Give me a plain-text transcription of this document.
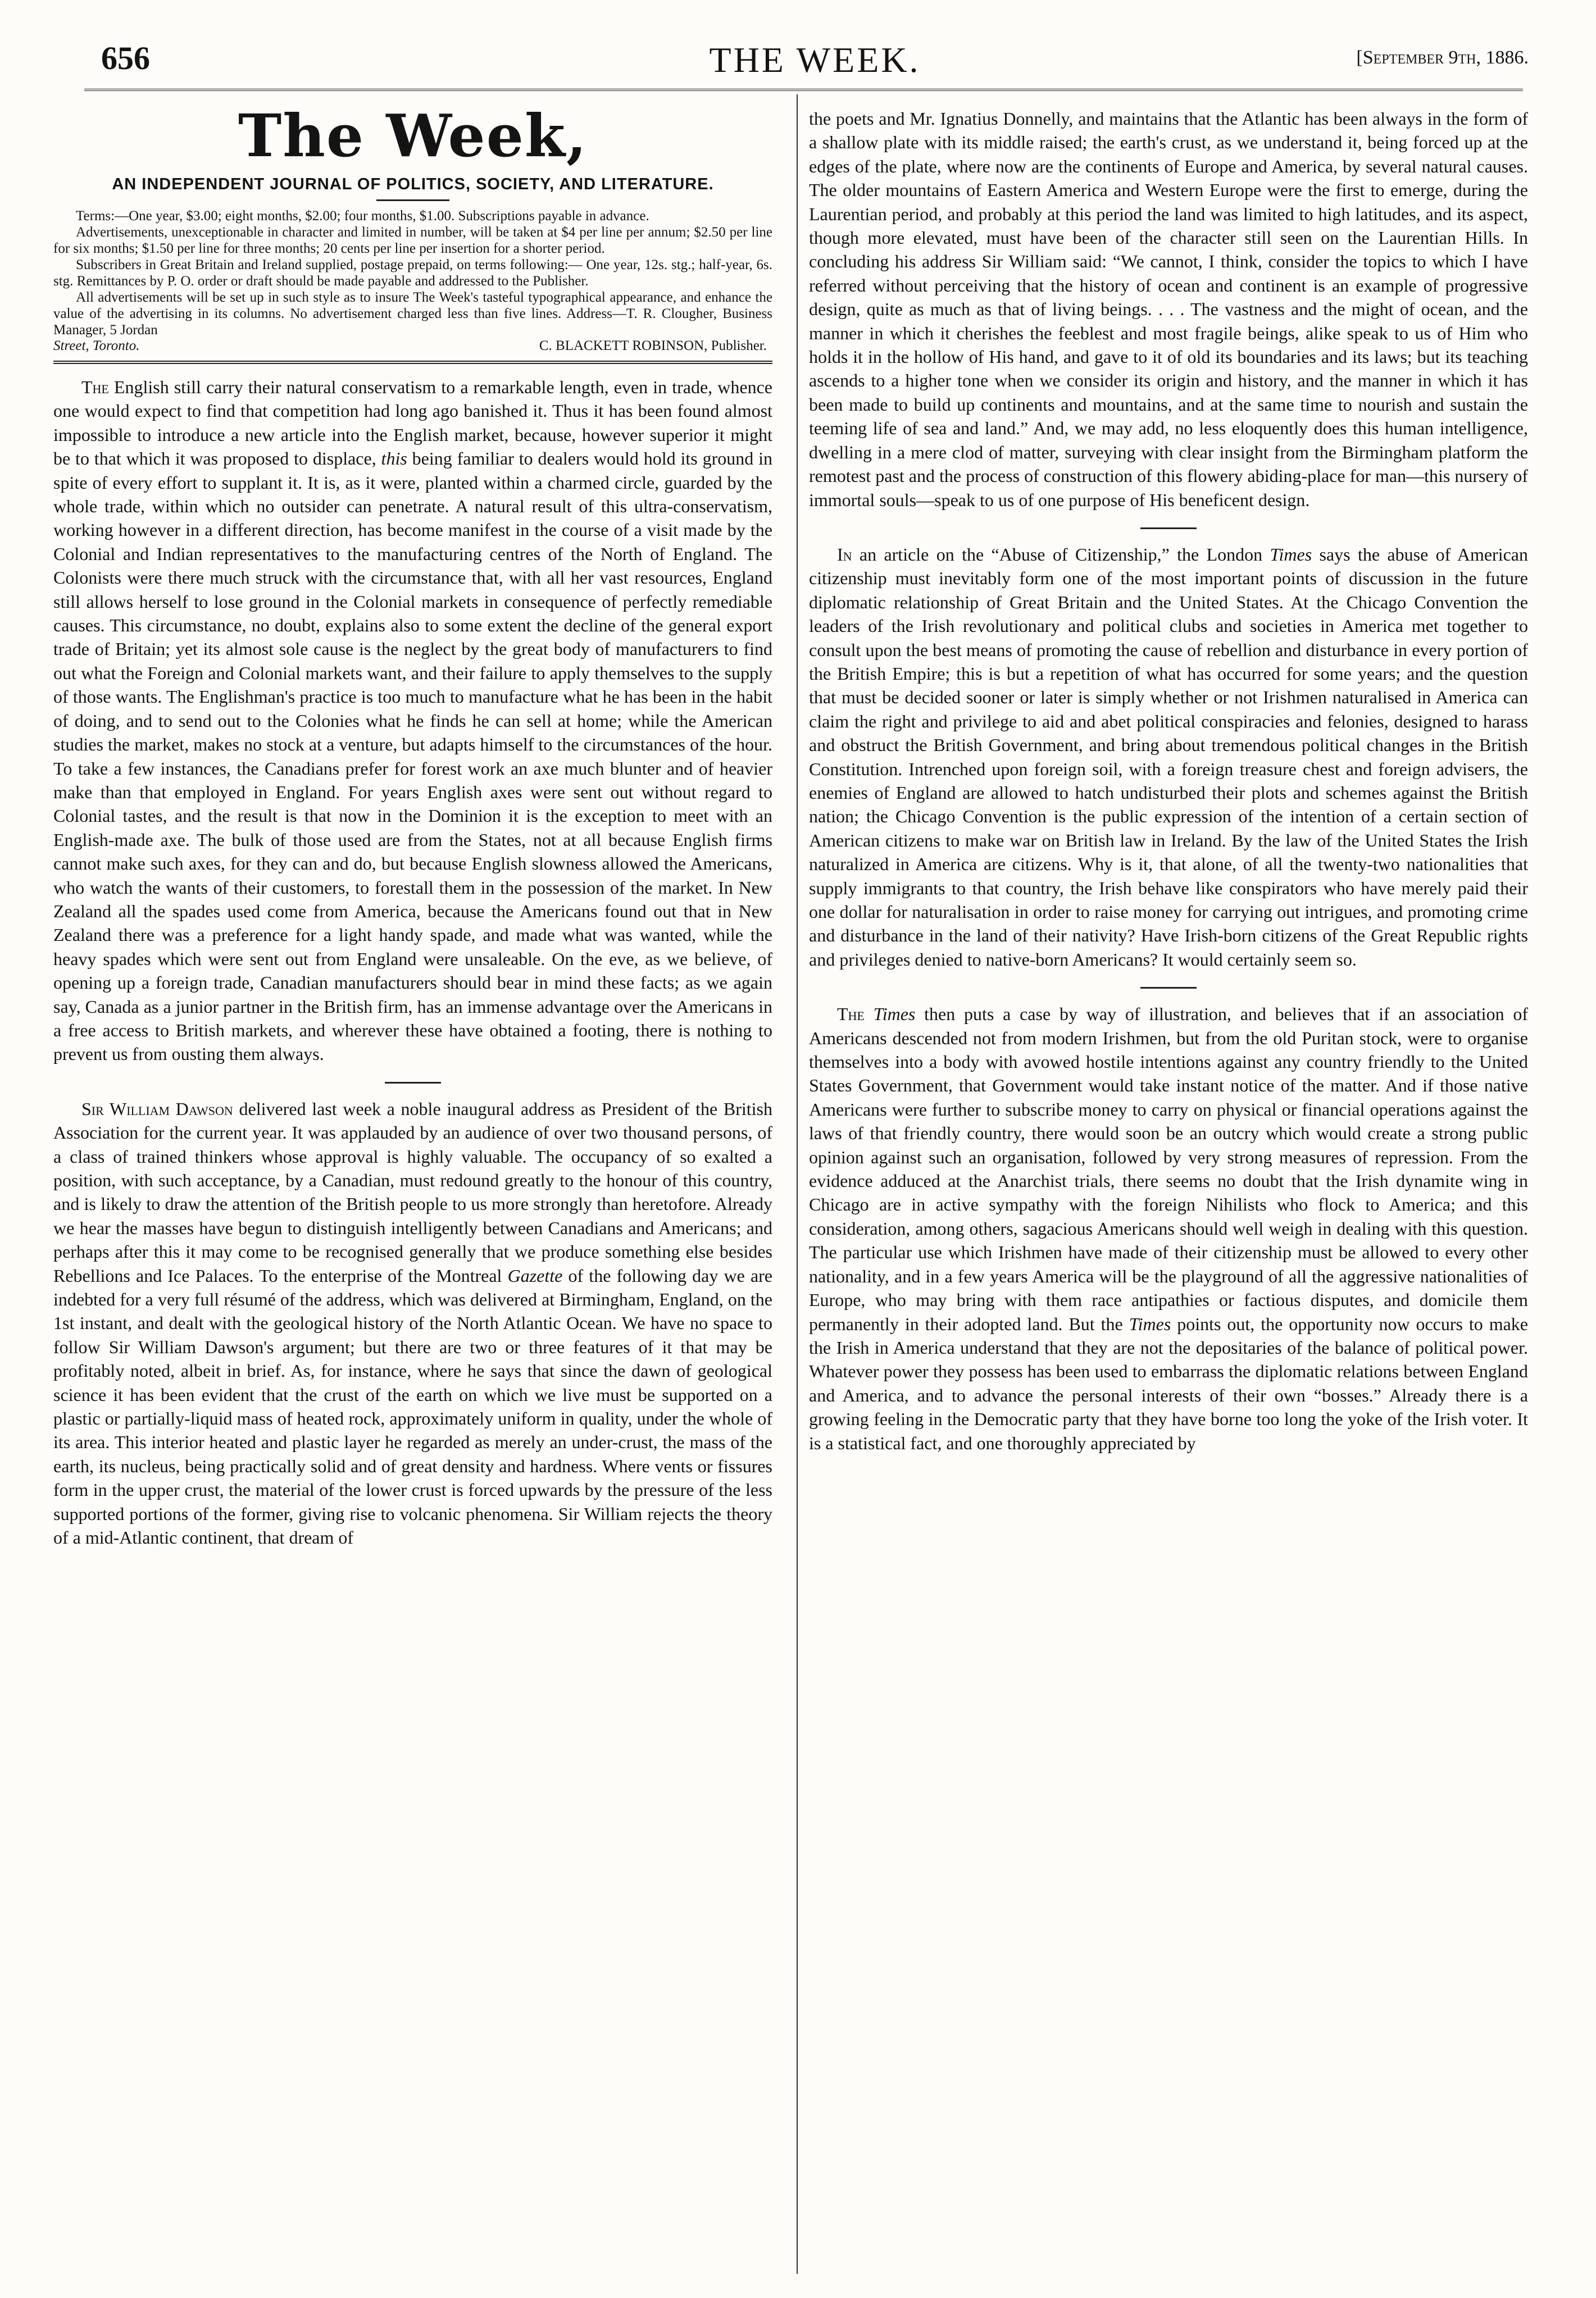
656	THE WEEK.	[September 9th, 1886.
The Week,
AN INDEPENDENT JOURNAL OF POLITICS, SOCIETY, AND LITERATURE.

Terms:—One year, $3.00; eight months, $2.00; four months, $1.00. Subscriptions payable in advance.

Advertisements, unexceptionable in character and limited in number, will be taken at $4 per line per annum; $2.50 per line for six months; $1.50 per line for three months; 20 cents per line per insertion for a shorter period.

Subscribers in Great Britain and Ireland supplied, postage prepaid, on terms following:— One year, 12s. stg.; half-year, 6s. stg. Remittances by P. O. order or draft should be made payable and addressed to the Publisher.

All advertisements will be set up in such style as to insure The Week's tasteful typographical appearance, and enhance the value of the advertising in its columns. No advertisement charged less than five lines. Address—T. R. Clougher, Business Manager, 5 Jordan

Street, Toronto.	C. BLACKETT ROBINSON, Publisher.

The English still carry their natural conservatism to a remarkable length, even in trade, whence one would expect to find that competition had long ago banished it. Thus it has been found almost impossible to introduce a new article into the English market, because, however superior it might be to that which it was proposed to displace, this being familiar to dealers would hold its ground in spite of every effort to supplant it. It is, as it were, planted within a charmed circle, guarded by the whole trade, within which no outsider can penetrate. A natural result of this ultra-conservatism, working however in a different direction, has become manifest in the course of a visit made by the Colonial and Indian representatives to the manufacturing centres of the North of England. The Colonists were there much struck with the circumstance that, with all her vast resources, England still allows herself to lose ground in the Colonial markets in consequence of perfectly remediable causes. This circumstance, no doubt, explains also to some extent the decline of the general export trade of Britain; yet its almost sole cause is the neglect by the great body of manufacturers to find out what the Foreign and Colonial markets want, and their failure to apply themselves to the supply of those wants. The Englishman's practice is too much to manufacture what he has been in the habit of doing, and to send out to the Colonies what he finds he can sell at home; while the American studies the market, makes no stock at a venture, but adapts himself to the circumstances of the hour. To take a few instances, the Canadians prefer for forest work an axe much blunter and of heavier make than that employed in England. For years English axes were sent out without regard to Colonial tastes, and the result is that now in the Dominion it is the exception to meet with an English-made axe. The bulk of those used are from the States, not at all because English firms cannot make such axes, for they can and do, but because English slowness allowed the Americans, who watch the wants of their customers, to forestall them in the possession of the market. In New Zealand all the spades used come from America, because the Americans found out that in New Zealand there was a preference for a light handy spade, and made what was wanted, while the heavy spades which were sent out from England were unsaleable. On the eve, as we believe, of opening up a foreign trade, Canadian manufacturers should bear in mind these facts; as we again say, Canada as a junior partner in the British firm, has an immense advantage over the Americans in a free access to British markets, and wherever these have obtained a footing, there is nothing to prevent us from ousting them always.

Sir William Dawson delivered last week a noble inaugural address as President of the British Association for the current year. It was applauded by an audience of over two thousand persons, of a class of trained thinkers whose approval is highly valuable. The occupancy of so exalted a position, with such acceptance, by a Canadian, must redound greatly to the honour of this country, and is likely to draw the attention of the British people to us more strongly than heretofore. Already we hear the masses have begun to distinguish intelligently between Canadians and Americans; and perhaps after this it may come to be recognised generally that we produce something else besides Rebellions and Ice Palaces. To the enterprise of the Montreal Gazette of the following day we are indebted for a very full résumé of the address, which was delivered at Birmingham, England, on the 1st instant, and dealt with the geological history of the North Atlantic Ocean. We have no space to follow Sir William Dawson's argument; but there are two or three features of it that may be profitably noted, albeit in brief. As, for instance, where he says that since the dawn of geological science it has been evident that the crust of the earth on which we live must be supported on a plastic or partially-liquid mass of heated rock, approximately uniform in quality, under the whole of its area. This interior heated and plastic layer he regarded as merely an under-crust, the mass of the earth, its nucleus, being practically solid and of great density and hardness. Where vents or fissures form in the upper crust, the material of the lower crust is forced upwards by the pressure of the less supported portions of the former, giving rise to volcanic phenomena. Sir William rejects the theory of a mid-Atlantic continent, that dream of

the poets and Mr. Ignatius Donnelly, and maintains that the Atlantic has been always in the form of a shallow plate with its middle raised; the earth's crust, as we understand it, being forced up at the edges of the plate, where now are the continents of Europe and America, by several natural causes. The older mountains of Eastern America and Western Europe were the first to emerge, during the Laurentian period, and probably at this period the land was limited to high latitudes, and its aspect, though more elevated, must have been of the character still seen on the Laurentian Hills. In concluding his address Sir William said: “We cannot, I think, consider the topics to which I have referred without perceiving that the history of ocean and continent is an example of progressive design, quite as much as that of living beings. . . . The vastness and the might of ocean, and the manner in which it cherishes the feeblest and most fragile beings, alike speak to us of Him who holds it in the hollow of His hand, and gave to it of old its boundaries and its laws; but its teaching ascends to a higher tone when we consider its origin and history, and the manner in which it has been made to build up continents and mountains, and at the same time to nourish and sustain the teeming life of sea and land.” And, we may add, no less eloquently does this human intelligence, dwelling in a mere clod of matter, surveying with clear insight from the Birmingham platform the remotest past and the process of construction of this flowery abiding-place for man—this nursery of immortal souls—speak to us of one purpose of His beneficent design.

In an article on the “Abuse of Citizenship,” the London Times says the abuse of American citizenship must inevitably form one of the most important points of discussion in the future diplomatic relationship of Great Britain and the United States. At the Chicago Convention the leaders of the Irish revolutionary and political clubs and societies in America met together to consult upon the best means of promoting the cause of rebellion and disturbance in every portion of the British Empire; this is but a repetition of what has occurred for some years; and the question that must be decided sooner or later is simply whether or not Irishmen naturalised in America can claim the right and privilege to aid and abet political conspiracies and felonies, designed to harass and obstruct the British Government, and bring about tremendous political changes in the British Constitution. Intrenched upon foreign soil, with a foreign treasure chest and foreign advisers, the enemies of England are allowed to hatch undisturbed their plots and schemes against the British nation; the Chicago Convention is the public expression of the intention of a certain section of American citizens to make war on British law in Ireland. By the law of the United States the Irish naturalized in America are citizens. Why is it, that alone, of all the twenty-two nationalities that supply immigrants to that country, the Irish behave like conspirators who have merely paid their one dollar for naturalisation in order to raise money for carrying out intrigues, and promoting crime and disturbance in the land of their nativity? Have Irish-born citizens of the Great Republic rights and privileges denied to native-born Americans? It would certainly seem so.

The Times then puts a case by way of illustration, and believes that if an association of Americans descended not from modern Irishmen, but from the old Puritan stock, were to organise themselves into a body with avowed hostile intentions against any country friendly to the United States Government, that Government would take instant notice of the matter. And if those native Americans were further to subscribe money to carry on physical or financial operations against the laws of that friendly country, there would soon be an outcry which would create a strong public opinion against such an organisation, followed by very strong measures of repression. From the evidence adduced at the Anarchist trials, there seems no doubt that the Irish dynamite wing in Chicago are in active sympathy with the foreign Nihilists who flock to America; and this consideration, among others, sagacious Americans should well weigh in dealing with this question. The particular use which Irishmen have made of their citizenship must be allowed to every other nationality, and in a few years America will be the playground of all the aggressive nationalities of Europe, who may bring with them race antipathies or factious disputes, and domicile them permanently in their adopted land. But the Times points out, the opportunity now occurs to make the Irish in America understand that they are not the depositaries of the balance of political power. Whatever power they possess has been used to embarrass the diplomatic relations between England and America, and to advance the personal interests of their own “bosses.” Already there is a growing feeling in the Democratic party that they have borne too long the yoke of the Irish voter. It is a statistical fact, and one thoroughly appreciated by
